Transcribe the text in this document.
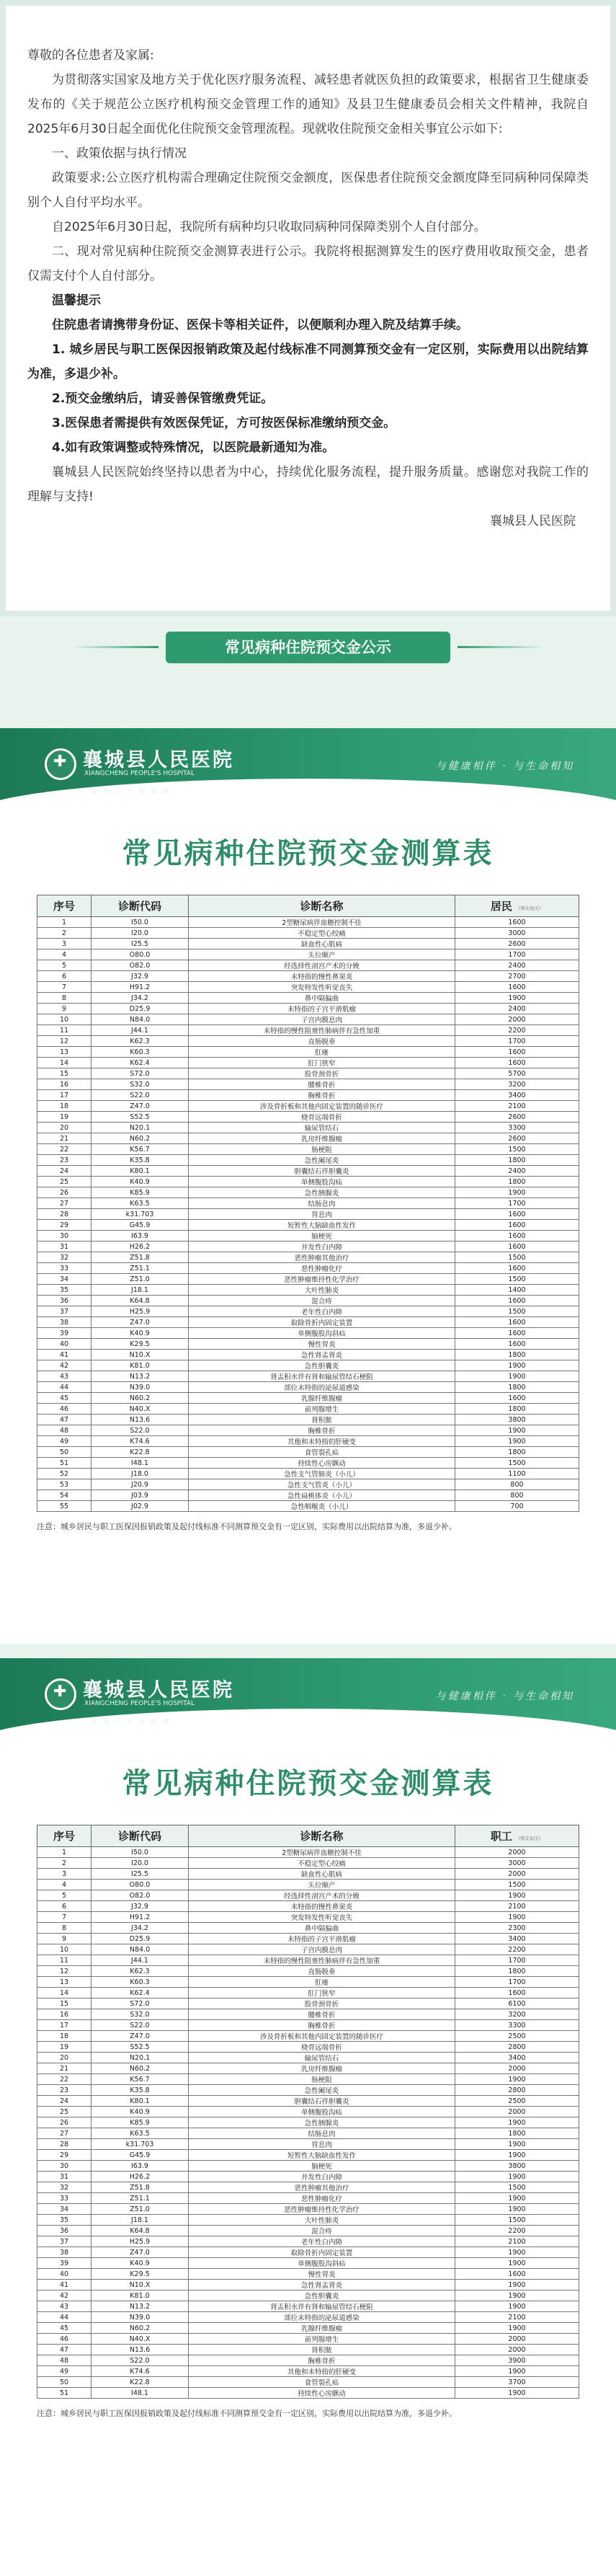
尊敬的各位患者及家属:

为贯彻落实国家及地方关于优化医疗服务流程、减轻患者就医负担的政策要求，根据省卫生健康委发布的《关于规范公立医疗机构预交金管理工作的通知》及县卫生健康委员会相关文件精神，我院自2025年6月30日起全面优化住院预交金管理流程。现就收住院预交金相关事宜公示如下:

一、政策依据与执行情况

政策要求:公立医疗机构需合理确定住院预交金额度，医保患者住院预交金额度降至同病种同保障类别个人自付平均水平。

自2025年6月30日起，我院所有病种均只收取同病种同保障类别个人自付部分。

二、现对常见病种住院预交金测算表进行公示。我院将根据测算发生的医疗费用收取预交金，患者仅需支付个人自付部分。

温馨提示

住院患者请携带身份证、医保卡等相关证件，以便顺利办理入院及结算手续。

1. 城乡居民与职工医保因报销政策及起付线标准不同测算预交金有一定区别，实际费用以出院结算为准，多退少补。

2.预交金缴纳后，请妥善保管缴费凭证。

3.医保患者需提供有效医保凭证，方可按医保标准缴纳预交金。

4.如有政策调整或特殊情况，以医院最新通知为准。

襄城县人民医院始终坚持以患者为中心，持续优化服务流程，提升服务质量。感谢您对我院工作的理解与支持!

襄城县人民医院

常见病种住院预交金公示
✚
襄城县人民医院
XIANGCHENG PEOPLE'S HOSPITAL
一 切 为 了 人 民 健 康
与健康相伴 · 与生命相知
常见病种住院预交金测算表
序号	诊断代码	诊断名称	居民 （预交金/元）
1	I50.0	2型糖尿病伴血糖控制不佳	1600
2	I20.0	不稳定型心绞痛	3000
3	I25.5	缺血性心肌病	2600
4	O80.0	头位顺产	1700
5	O82.0	经选择性剖宫产术的分娩	2400
6	J32.9	未特指的慢性鼻窦炎	2700
7	H91.2	突发特发性听觉丧失	1600
8	J34.2	鼻中隔偏曲	1900
9	D25.9	未特指的子宫平滑肌瘤	2400
10	N84.0	子宫内膜息肉	2000
11	J44.1	未特指的慢性阻塞性肺病伴有急性加重	2200
12	K62.3	直肠脱垂	1700
13	K60.3	肛瘘	1600
14	K62.4	肛门狭窄	1600
15	S72.0	股骨颈骨折	5700
16	S32.0	腰椎骨折	3200
17	S22.0	胸椎骨折	3400
18	Z47.0	涉及骨折板和其他内固定装置的随诊医疗	2100
19	S52.5	桡骨远端骨折	2600
20	N20.1	输尿管结石	3300
21	N60.2	乳房纤维腺瘤	2600
22	K56.7	肠梗阻	1500
23	K35.8	急性阑尾炎	1800
24	K80.1	胆囊结石伴胆囊炎	2400
25	K40.9	单侧腹股沟疝	1800
26	K85.9	急性胰腺炎	1900
27	K63.5	结肠息肉	1700
28	k31.703	胃息肉	1600
29	G45.9	短暂性大脑缺血性发作	1600
30	I63.9	脑梗死	1600
31	H26.2	并发性白内障	1600
32	Z51.8	恶性肿瘤其他治疗	1500
33	Z51.1	恶性肿瘤化疗	1600
34	Z51.0	恶性肿瘤维持性化学治疗	1500
35	J18.1	大叶性肺炎	1400
36	K64.8	混合痔	1600
37	H25.9	老年性白内障	1500
38	Z47.0	取除骨折内固定装置	1600
39	K40.9	单侧腹股沟斜疝	1600
40	K29.5	慢性胃炎	1600
41	N10.X	急性肾盂肾炎	1800
42	K81.0	急性胆囊炎	1900
43	N13.2	肾盂积水伴有肾和输尿管结石梗阻	1900
44	N39.0	部位未特指的泌尿道感染	1800
45	N60.2	乳腺纤维腺瘤	1600
46	N40.X	前列腺增生	1800
47	N13.6	肾积脓	3800
48	S22.0	胸椎骨折	1900
49	K74.6	其他和未特指的肝硬变	1900
50	K22.8	食管裂孔疝	1800
51	I48.1	持续性心房颤动	1500
52	J18.0	急性支气管肺炎（小儿）	1100
53	J20.9	急性支气管炎（小儿）	800
54	J03.9	急性扁桃体炎（小儿）	800
55	J02.9	急性咽喉炎（小儿）	700
注意：城乡居民与职工医保因报销政策及起付线标准不同测算预交金有一定区别，实际费用以出院结算为准，多退少补。
✚
襄城县人民医院
XIANGCHENG PEOPLE'S HOSPITAL
一 切 为 了 人 民 健 康
与健康相伴 · 与生命相知
常见病种住院预交金测算表
序号	诊断代码	诊断名称	职工 （预交金/元）
1	I50.0	2型糖尿病伴血糖控制不佳	2000
2	I20.0	不稳定型心绞痛	3000
3	I25.5	缺血性心肌病	2000
4	O80.0	头位顺产	1500
5	O82.0	经选择性剖宫产术的分娩	1900
6	J32.9	未特指的慢性鼻窦炎	2100
7	H91.2	突发特发性听觉丧失	1900
8	J34.2	鼻中隔偏曲	2300
9	D25.9	未特指的子宫平滑肌瘤	3400
10	N84.0	子宫内膜息肉	2200
11	J44.1	未特指的慢性阻塞性肺病伴有急性加重	1700
12	K62.3	直肠脱垂	1800
13	K60.3	肛瘘	1700
14	K62.4	肛门狭窄	1600
15	S72.0	股骨颈骨折	6100
16	S32.0	腰椎骨折	3200
17	S22.0	胸椎骨折	3300
18	Z47.0	涉及骨折板和其他内固定装置的随诊医疗	2500
19	S52.5	桡骨远端骨折	2800
20	N20.1	输尿管结石	3400
21	N60.2	乳房纤维腺瘤	2000
22	K56.7	肠梗阻	1900
23	K35.8	急性阑尾炎	2800
24	K80.1	胆囊结石伴胆囊炎	2500
25	K40.9	单侧腹股沟疝	2000
26	K85.9	急性胰腺炎	1900
27	K63.5	结肠息肉	1800
28	k31.703	胃息肉	1900
29	G45.9	短暂性大脑缺血性发作	1900
30	I63.9	脑梗死	3800
31	H26.2	并发性白内障	1900
32	Z51.8	恶性肿瘤其他治疗	1500
33	Z51.1	恶性肿瘤化疗	1900
34	Z51.0	恶性肿瘤维持性化学治疗	1900
35	J18.1	大叶性肺炎	1500
36	K64.8	混合痔	2200
37	H25.9	老年性白内障	2100
38	Z47.0	取除骨折内固定装置	1900
39	K40.9	单侧腹股沟斜疝	1900
40	K29.5	慢性胃炎	1600
41	N10.X	急性肾盂肾炎	1900
42	K81.0	急性胆囊炎	1900
43	N13.2	肾盂积水伴有肾和输尿管结石梗阻	1900
44	N39.0	部位未特指的泌尿道感染	2100
45	N60.2	乳腺纤维腺瘤	1900
46	N40.X	前列腺增生	2000
47	N13.6	肾积脓	2000
48	S22.0	胸椎骨折	3900
49	K74.6	其他和未特指的肝硬变	1900
50	K22.8	食管裂孔疝	3700
51	I48.1	持续性心房颤动	1900
注意：城乡居民与职工医保因报销政策及起付线标准不同测算预交金有一定区别，实际费用以出院结算为准，多退少补。
